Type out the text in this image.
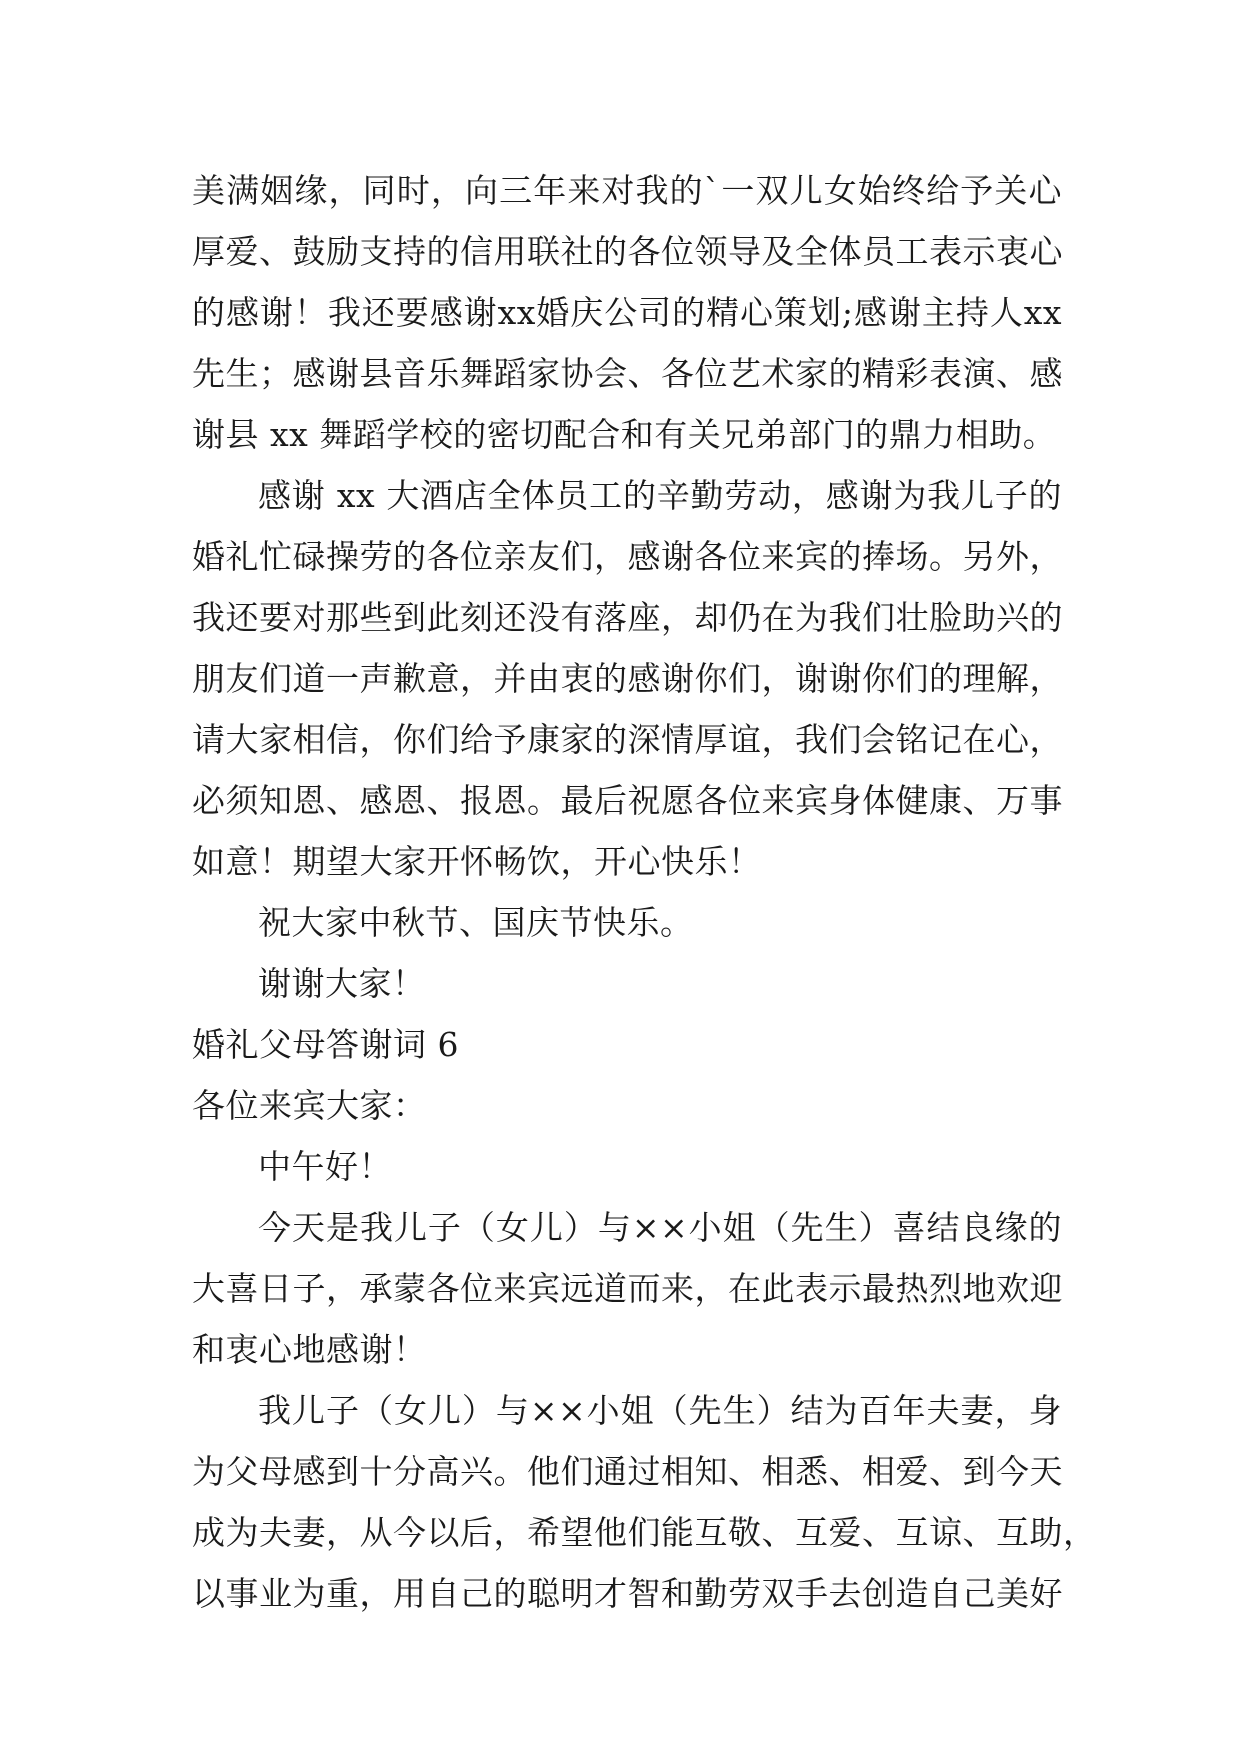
美满姻缘，同时，向三年来对我的`一双儿女始终给予关心
厚爱、鼓励支持的信用联社的各位领导及全体员工表示衷心
的感谢！我还要感谢xx婚庆公司的精心策划;感谢主持人xx
先生；感谢县音乐舞蹈家协会、各位艺术家的精彩表演、感
谢县 xx 舞蹈学校的密切配合和有关兄弟部门的鼎力相助。
感谢 xx 大酒店全体员工的辛勤劳动，感谢为我儿子的
婚礼忙碌操劳的各位亲友们，感谢各位来宾的捧场。另外，
我还要对那些到此刻还没有落座，却仍在为我们壮脸助兴的
朋友们道一声歉意，并由衷的感谢你们，谢谢你们的理解，
请大家相信，你们给予康家的深情厚谊，我们会铭记在心，
必须知恩、感恩、报恩。最后祝愿各位来宾身体健康、万事
如意！期望大家开怀畅饮，开心快乐！
祝大家中秋节、国庆节快乐。
谢谢大家！
婚礼父母答谢词 6
各位来宾大家：
中午好！
今天是我儿子（女儿）与××小姐（先生）喜结良缘的
大喜日子，承蒙各位来宾远道而来，在此表示最热烈地欢迎
和衷心地感谢！
我儿子（女儿）与××小姐（先生）结为百年夫妻，身
为父母感到十分高兴。他们通过相知、相悉、相爱、到今天
成为夫妻，从今以后，希望他们能互敬、互爱、互谅、互助，
以事业为重，用自己的聪明才智和勤劳双手去创造自己美好
